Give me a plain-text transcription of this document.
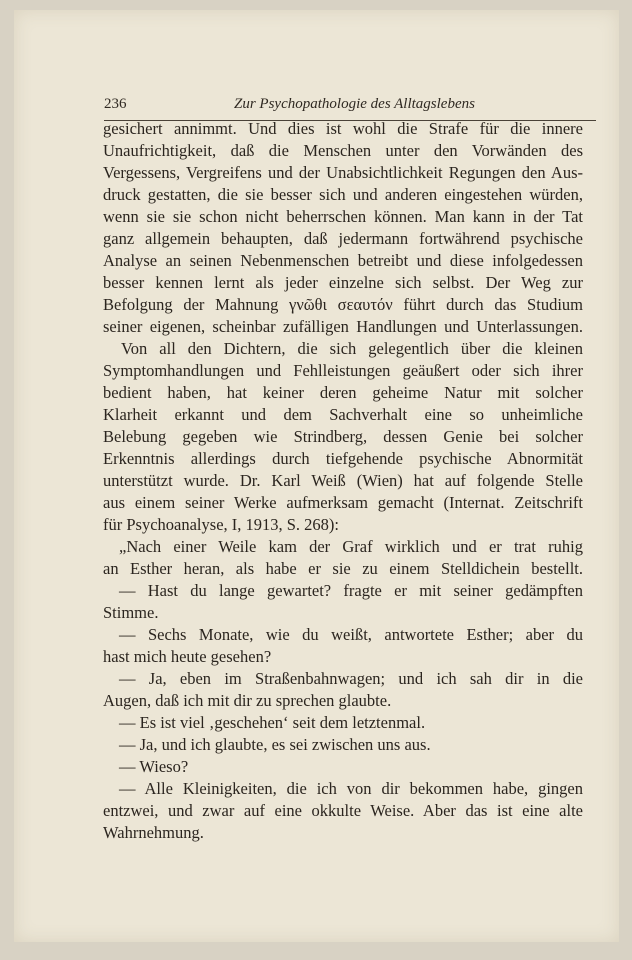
236	Zur Psychopathologie des Alltagslebens
gesichert annimmt. Und dies ist wohl die Strafe für die innere
Unaufrichtigkeit, daß die Menschen unter den Vorwänden des
Vergessens, Vergreifens und der Unabsichtlichkeit Regungen den Aus-
druck gestatten, die sie besser sich und anderen eingestehen würden,
wenn sie sie schon nicht beherrschen können. Man kann in der Tat
ganz allgemein behaupten, daß jedermann fortwährend psychische
Analyse an seinen Nebenmenschen betreibt und diese infolgedessen
besser kennen lernt als jeder einzelne sich selbst. Der Weg zur
Befolgung der Mahnung γνῶθι σεαυτόν führt durch das Studium
seiner eigenen, scheinbar zufälligen Handlungen und Unterlassungen.
Von all den Dichtern, die sich gelegentlich über die kleinen
Symptomhandlungen und Fehlleistungen geäußert oder sich ihrer
bedient haben, hat keiner deren geheime Natur mit solcher
Klarheit erkannt und dem Sachverhalt eine so unheimliche
Belebung gegeben wie Strindberg, dessen Genie bei solcher
Erkenntnis allerdings durch tiefgehende psychische Abnormität
unterstützt wurde. Dr. Karl Weiß (Wien) hat auf folgende Stelle
aus einem seiner Werke aufmerksam gemacht (Internat. Zeitschrift
für Psychoanalyse, I, 1913, S. 268):
„Nach einer Weile kam der Graf wirklich und er trat ruhig
an Esther heran, als habe er sie zu einem Stelldichein bestellt.
— Hast du lange gewartet? fragte er mit seiner gedämpften
Stimme.
— Sechs Monate, wie du weißt, antwortete Esther; aber du
hast mich heute gesehen?
— Ja, eben im Straßenbahnwagen; und ich sah dir in die
Augen, daß ich mit dir zu sprechen glaubte.
— Es ist viel ‚geschehen‘ seit dem letztenmal.
— Ja, und ich glaubte, es sei zwischen uns aus.
— Wieso?
— Alle Kleinigkeiten, die ich von dir bekommen habe, gingen
entzwei, und zwar auf eine okkulte Weise. Aber das ist eine alte
Wahrnehmung.
